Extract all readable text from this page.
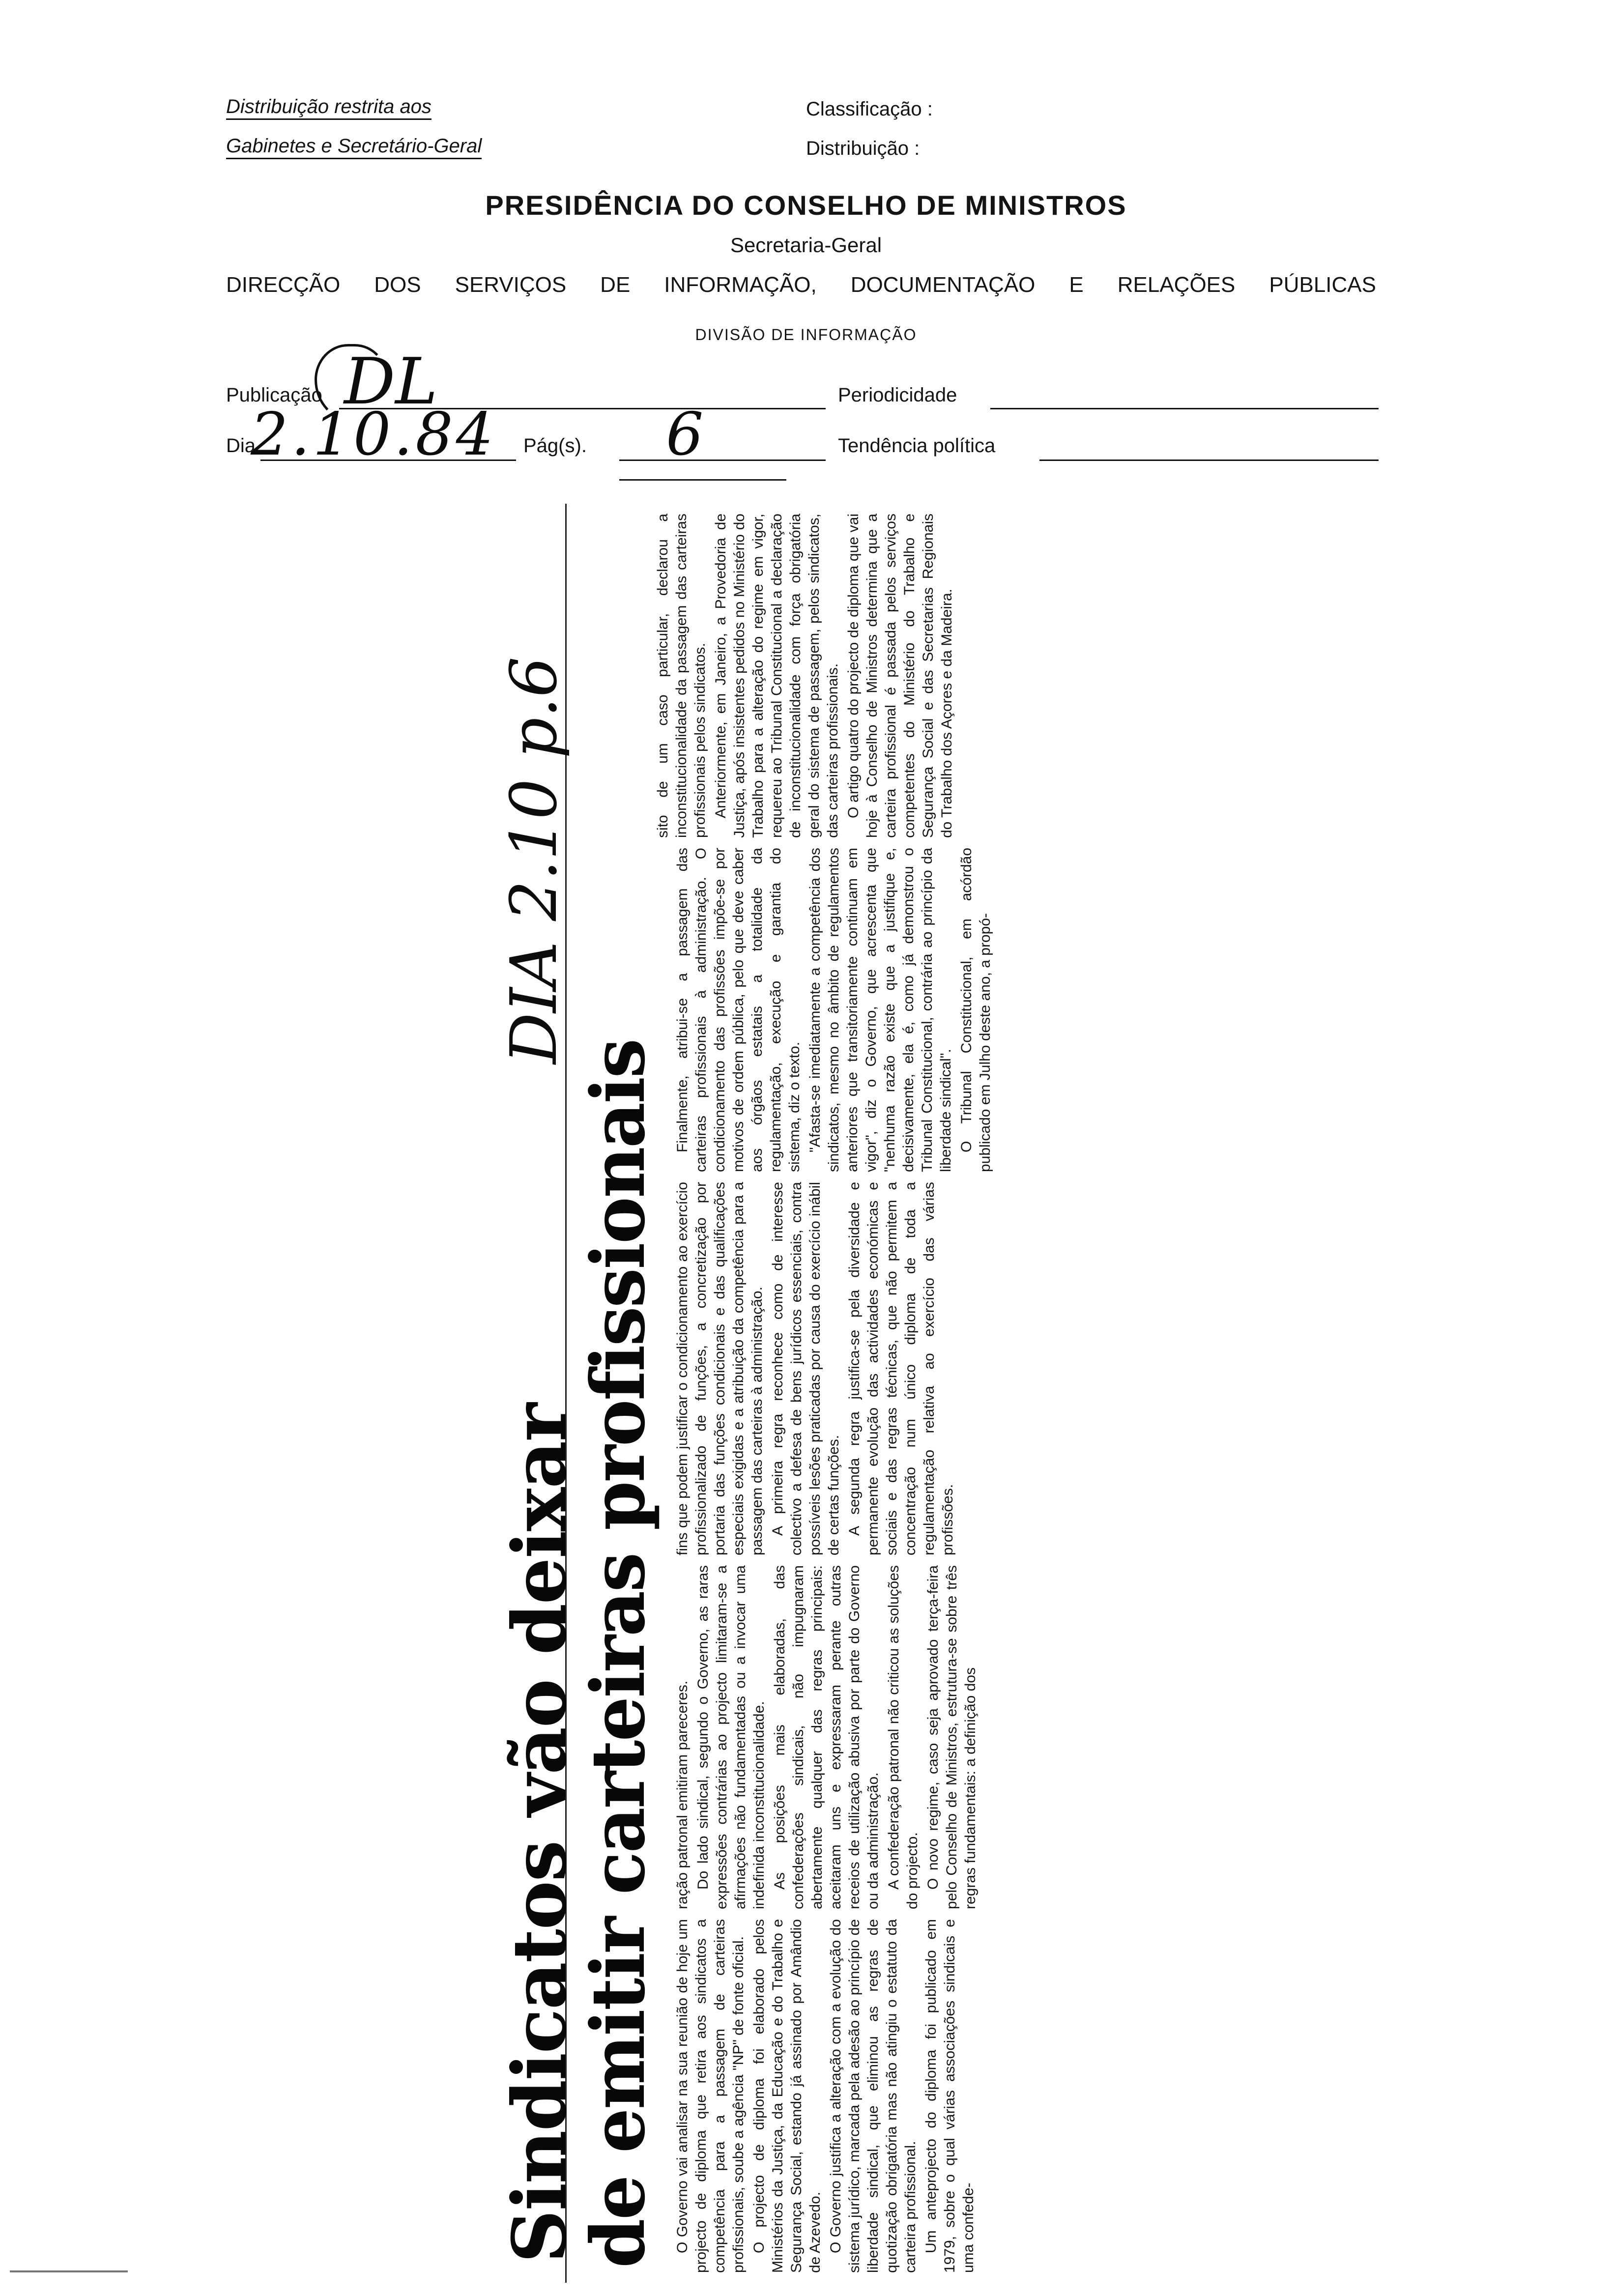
Distribuição restrita aos
Gabinetes e Secretário-Geral
Classificação :
Distribuição :
PRESIDÊNCIA DO CONSELHO DE MINISTROS
Secretaria-Geral
DIRECÇÃO DOS SERVIÇOS DE INFORMAÇÃO, DOCUMENTAÇÃO E RELAÇÕES PÚBLICAS
DIVISÃO DE INFORMAÇÃO
Publicação DL	Periodicidade
Dia
2.10.84 Pág(s). 6	Tendência política
Sindicatos vão deixar
de emitir carteiras profissionais
DIA 2.10 p.6

O Governo vai analisar na sua reunião de hoje um projecto de diploma que retira aos sindicatos a competência para a passagem de carteiras profissionais, soube a agência "NP" de fonte oficial. O projecto de diploma foi elaborado pelos Ministérios da Justiça, da Educação e do Trabalho e Segurança Social, estando já assinado por Amândio de Azevedo. O Governo justifica a alteração com a evolução do sistema jurídico, marcada pela adesão ao princípio de liberdade sindical, que eliminou as regras de quotização obrigatória mas não atingiu o estatuto da carteira profissional. Um anteprojecto do diploma foi publicado em 1979, sobre o qual várias associações sindicais e uma confede-

ração patronal emitiram pareceres. Do lado sindical, segundo o Governo, as raras expressões contrárias ao projecto limitaram-se a afirmações não fundamentadas ou a invocar uma indefinida inconstitucionalidade. As posições mais elaboradas, das confederações sindicais, não impugnaram abertamente qualquer das regras principais: aceitaram uns e expressaram perante outras receios de utilização abusiva por parte do Governo ou da administração. A confederação patronal não criticou as soluções do projecto. O novo regime, caso seja aprovado terça-feira pelo Conselho de Ministros, estrutura-se sobre três regras fundamentais: a definição dos

fins que podem justificar o condicionamento ao exercício profissionalizado de funções, a concretização por portaria das funções condicionais e das qualificações especiais exigidas e a atribuição da competência para a passagem das carteiras à administração. A primeira regra reconhece como de interesse colectivo a defesa de bens jurídicos essenciais, contra possíveis lesões praticadas por causa do exercício inábil de certas funções. A segunda regra justifica-se pela diversidade e permanente evolução das actividades económicas e sociais e das regras técnicas, que não permitem a concentração num único diploma de toda a regulamentação relativa ao exercício das várias profissões.

Finalmente, atribui-se a passagem das carteiras profissionais à administração. O condicionamento das profissões impõe-se por motivos de ordem pública, pelo que deve caber aos órgãos estatais a totalidade da regulamentação, execução e garantia do sistema, diz o texto. "Afasta-se imediatamente a competência dos sindicatos, mesmo no âmbito de regulamentos anteriores que transitoriamente continuam em vigor", diz o Governo, que acrescenta que "nenhuma razão existe que a justifique e, decisivamente, ela é, como já demonstrou o Tribunal Constitucional, contrária ao princípio da liberdade sindical". O Tribunal Constitucional, em acórdão publicado em Julho deste ano, a propó-

sito de um caso particular, declarou a inconstitucionalidade da passagem das carteiras profissionais pelos sindicatos. Anteriormente, em Janeiro, a Provedoria de Justiça, após insistentes pedidos no Ministério do Trabalho para a alteração do regime em vigor, requereu ao Tribunal Constitucional a declaração de inconstitucionalidade com força obrigatória geral do sistema de passagem, pelos sindicatos, das carteiras profissionais. O artigo quatro do projecto de diploma que vai hoje à Conselho de Ministros determina que a carteira profissional é passada pelos serviços competentes do Ministério do Trabalho e Segurança Social e das Secretarias Regionais do Trabalho dos Açores e da Madeira.
